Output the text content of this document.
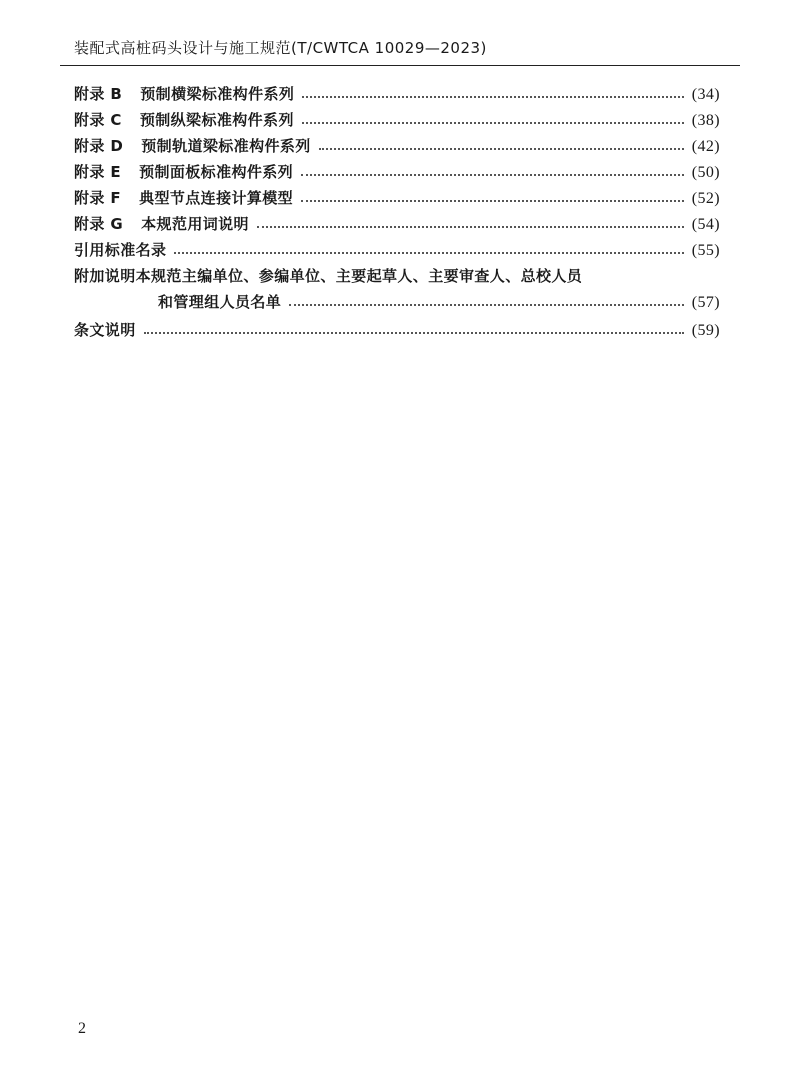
装配式高桩码头设计与施工规范(T/CWTCA 10029—2023)
附录 B 预制横梁标准构件系列	(34)
附录 C 预制纵梁标准构件系列	(38)
附录 D 预制轨道梁标准构件系列	(42)
附录 E 预制面板标准构件系列	(50)
附录 F 典型节点连接计算模型	(52)
附录 G 本规范用词说明	(54)
引用标准名录	(55)
附加说明本规范主编单位、参编单位、主要起草人、主要审查人、总校人员
和管理组人员名单	(57)
条文说明	(59)
2
